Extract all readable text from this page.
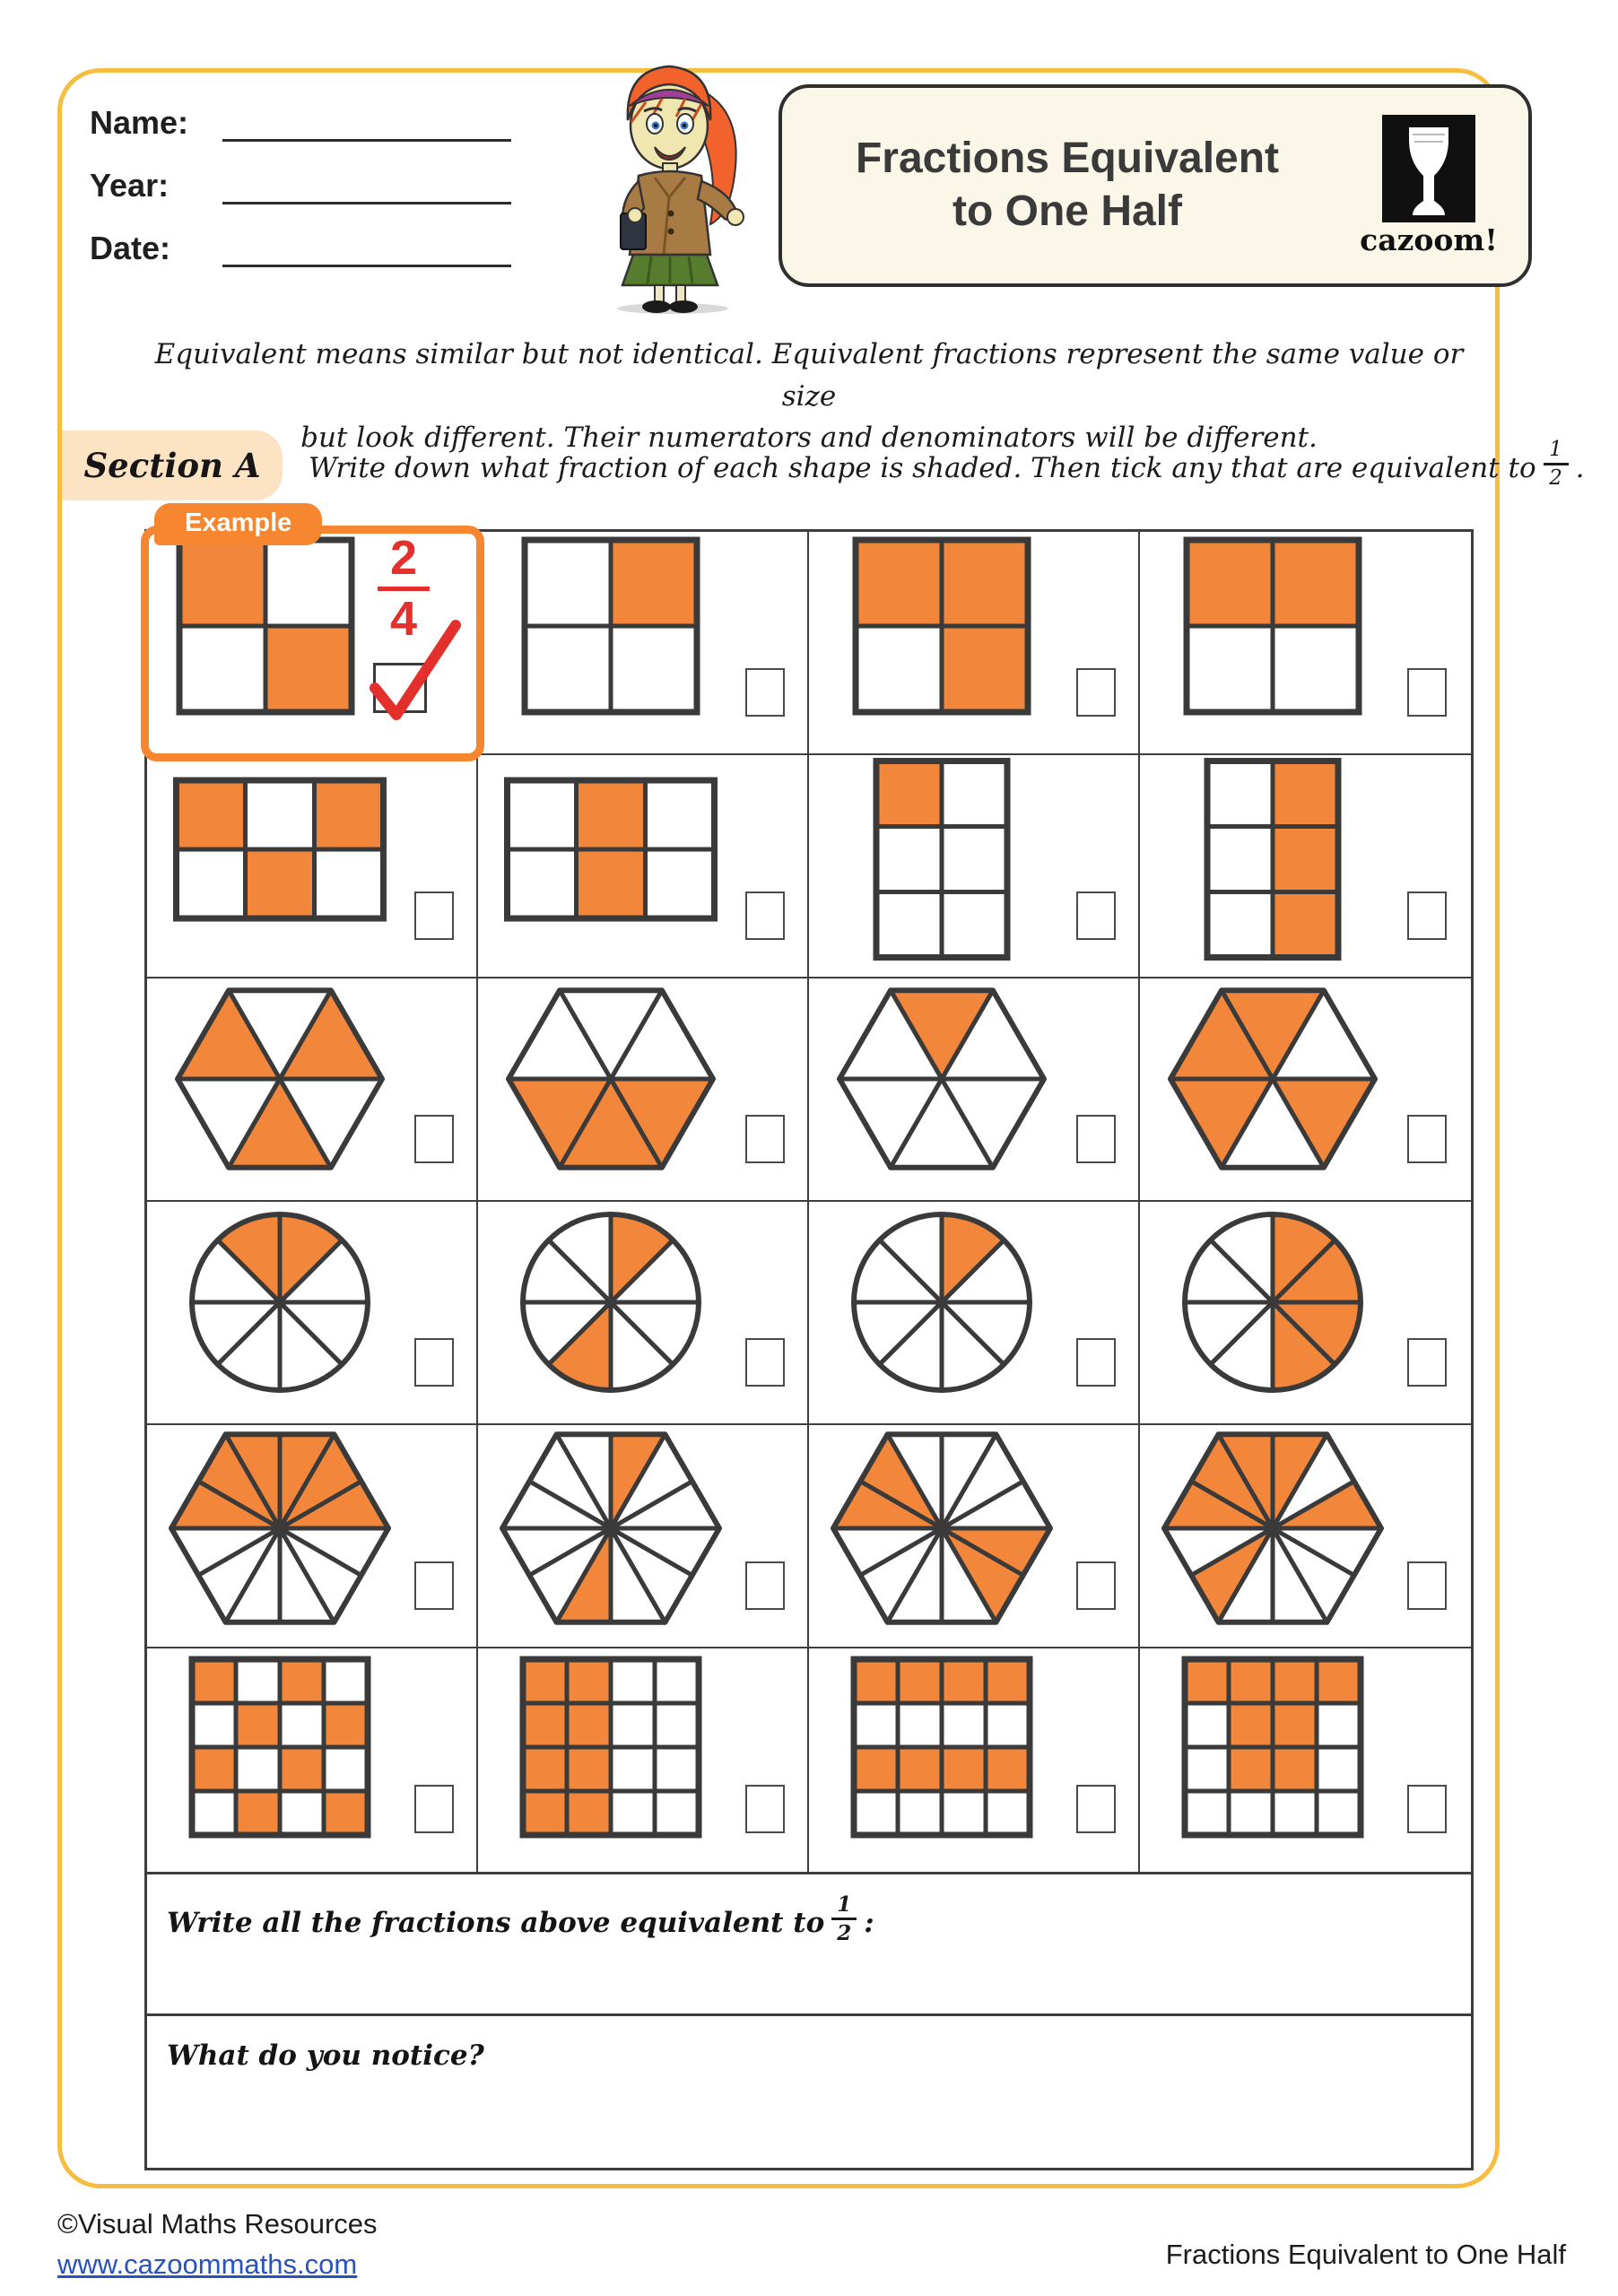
Name:
Year:
Date:
Fractions Equivalent
to One Half
cazoom!
Equivalent means similar but not identical. Equivalent fractions represent the same value or size
but look different. Their numerators and denominators will be different.
Section A Write down what fraction of each shape is shaded. Then tick any that are equivalent to $\frac{1}{2}$ .
Example
2
4
Write all the fractions above equivalent to $\frac{1}{2}$ :
What do you notice?
©Visual Maths Resources
www.cazoommaths.com	Fractions Equivalent to One Half
